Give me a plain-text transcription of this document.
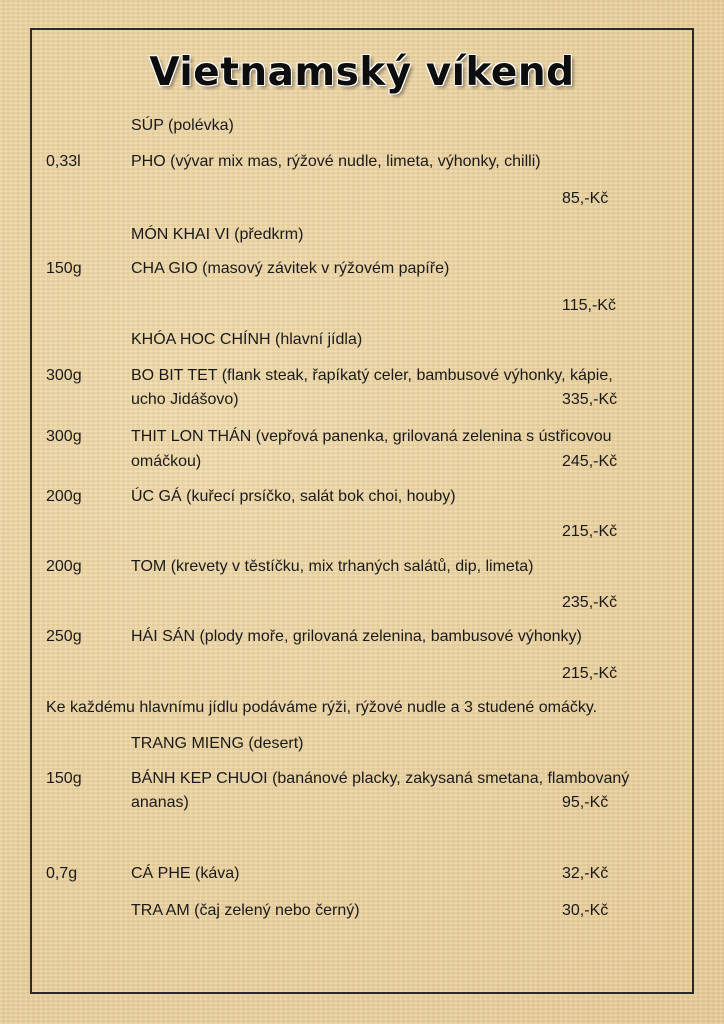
Vietnamský víkend
SÚP (polévka)
0,33l	PHO (vývar mix mas, rýžové nudle, limeta, výhonky, chilli)
85,-Kč
MÓN KHAI VI (předkrm)
150g	CHA GIO (masový závitek v rýžovém papíře)
115,-Kč
KHÓA HOC CHÍNH (hlavní jídla)
300g	BO BIT TET (flank steak, řapíkatý celer, bambusové výhonky, kápie,
ucho Jidášovo)	335,-Kč
300g	THIT LON THÁN (vepřová panenka, grilovaná zelenina s ústřicovou
omáčkou)	245,-Kč
200g	ÚC GÁ (kuřecí prsíčko, salát bok choi, houby)
215,-Kč
200g	TOM (krevety v těstíčku, mix trhaných salátů, dip, limeta)
235,-Kč
250g	HÁI SÁN (plody moře, grilovaná zelenina, bambusové výhonky)
215,-Kč
Ke každému hlavnímu jídlu podáváme rýži, rýžové nudle a 3 studené omáčky.
TRANG MIENG (desert)
150g	BÁNH KEP CHUOI (banánové placky, zakysaná smetana, flambovaný
ananas)	95,-Kč
0,7g	CÁ PHE (káva)	32,-Kč
TRA AM (čaj zelený nebo černý)	30,-Kč
